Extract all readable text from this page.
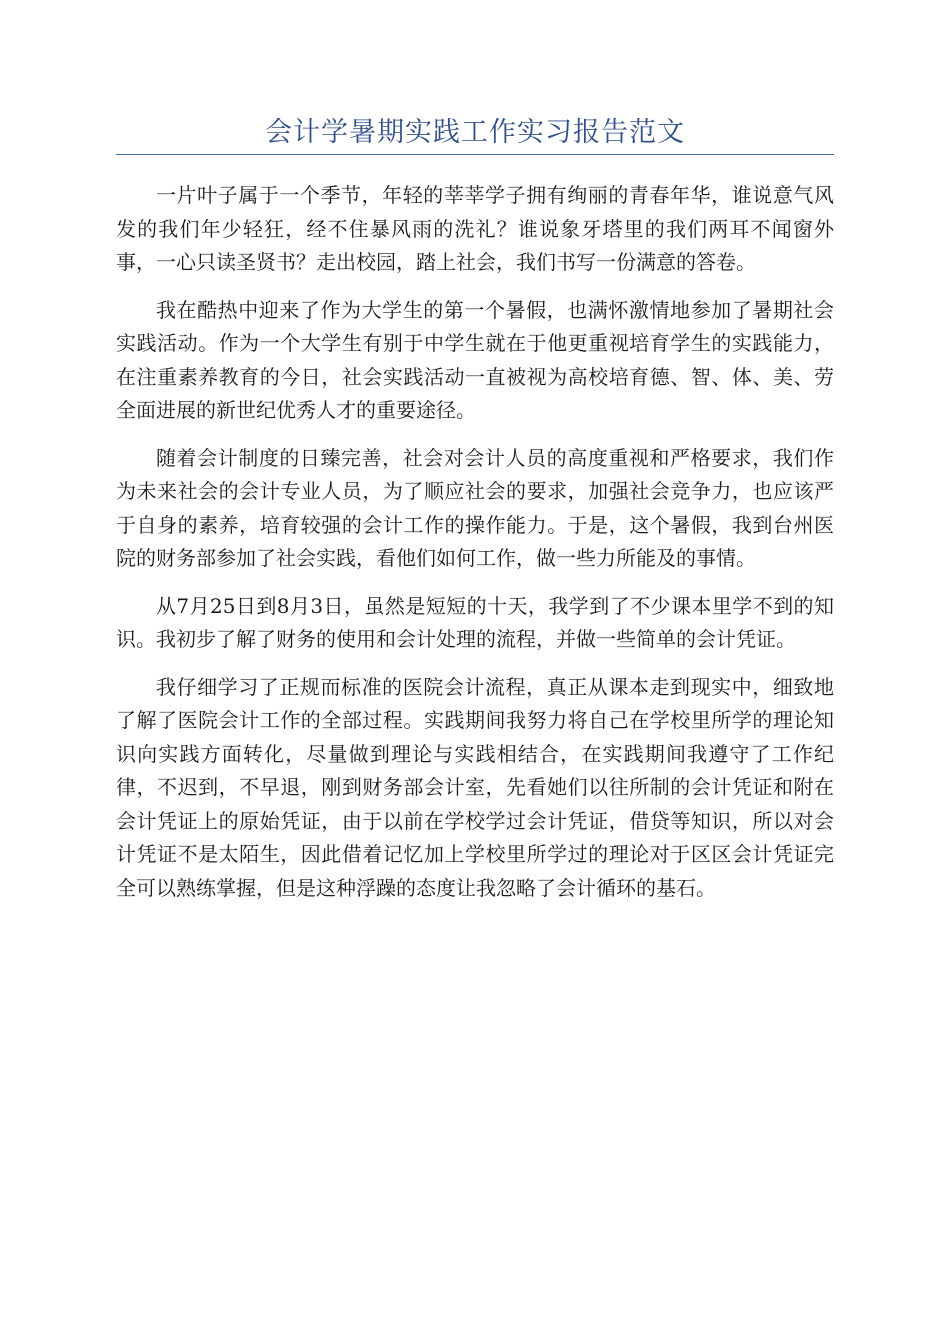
会计学暑期实践工作实习报告范文

一片叶子属于一个季节，年轻的莘莘学子拥有绚丽的青春年华，谁说意气风发的我们年少轻狂，经不住暴风雨的洗礼？谁说象牙塔里的我们两耳不闻窗外事，一心只读圣贤书？走出校园，踏上社会，我们书写一份满意的答卷。

我在酷热中迎来了作为大学生的第一个暑假，也满怀激情地参加了暑期社会实践活动。作为一个大学生有别于中学生就在于他更重视培育学生的实践能力，在注重素养教育的今日，社会实践活动一直被视为高校培育德、智、体、美、劳全面进展的新世纪优秀人才的重要途径。

随着会计制度的日臻完善，社会对会计人员的高度重视和严格要求，我们作为未来社会的会计专业人员，为了顺应社会的要求，加强社会竞争力，也应该严于自身的素养，培育较强的会计工作的操作能力。于是，这个暑假，我到台州医院的财务部参加了社会实践，看他们如何工作，做一些力所能及的事情。

从7月25日到8月3日，虽然是短短的十天，我学到了不少课本里学不到的知识。我初步了解了财务的使用和会计处理的流程，并做一些简单的会计凭证。

我仔细学习了正规而标准的医院会计流程，真正从课本走到现实中，细致地了解了医院会计工作的全部过程。实践期间我努力将自己在学校里所学的理论知识向实践方面转化，尽量做到理论与实践相结合，在实践期间我遵守了工作纪律，不迟到，不早退，刚到财务部会计室，先看她们以往所制的会计凭证和附在会计凭证上的原始凭证，由于以前在学校学过会计凭证，借贷等知识，所以对会计凭证不是太陌生，因此借着记忆加上学校里所学过的理论对于区区会计凭证完全可以熟练掌握，但是这种浮躁的态度让我忽略了会计循环的基石。
